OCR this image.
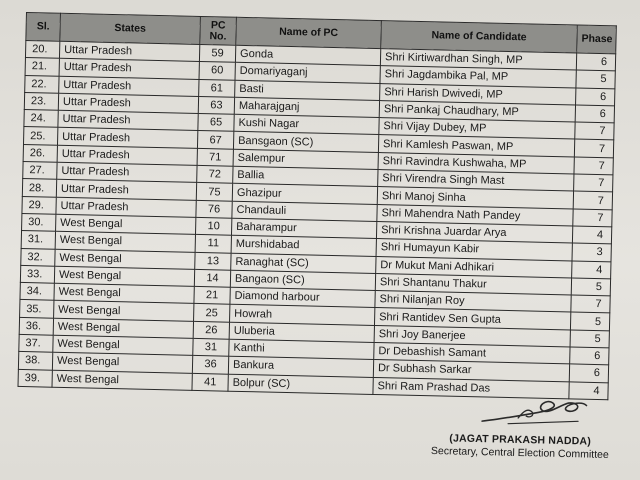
Sl.	States	PC No.	Name of PC	Name of Candidate	Phase
20.	Uttar Pradesh	59	Gonda	Shri Kirtiwardhan Singh, MP	6
21.	Uttar Pradesh	60	Domariyaganj	Shri Jagdambika Pal, MP	5
22.	Uttar Pradesh	61	Basti	Shri Harish Dwivedi, MP	6
23.	Uttar Pradesh	63	Maharajganj	Shri Pankaj Chaudhary, MP	6
24.	Uttar Pradesh	65	Kushi Nagar	Shri Vijay Dubey, MP	7
25.	Uttar Pradesh	67	Bansgaon (SC)	Shri Kamlesh Paswan, MP	7
26.	Uttar Pradesh	71	Salempur	Shri Ravindra Kushwaha, MP	7
27.	Uttar Pradesh	72	Ballia	Shri Virendra Singh Mast	7
28.	Uttar Pradesh	75	Ghazipur	Shri Manoj Sinha	7
29.	Uttar Pradesh	76	Chandauli	Shri Mahendra Nath Pandey	7
30.	West Bengal	10	Baharampur	Shri Krishna Juardar Arya	4
31.	West Bengal	11	Murshidabad	Shri Humayun Kabir	3
32.	West Bengal	13	Ranaghat (SC)	Dr Mukut Mani Adhikari	4
33.	West Bengal	14	Bangaon (SC)	Shri Shantanu Thakur	5
34.	West Bengal	21	Diamond harbour	Shri Nilanjan Roy	7
35.	West Bengal	25	Howrah	Shri Rantidev Sen Gupta	5
36.	West Bengal	26	Uluberia	Shri Joy Banerjee	5
37.	West Bengal	31	Kanthi	Dr Debashish Samant	6
38.	West Bengal	36	Bankura	Dr Subhash Sarkar	6
39.	West Bengal	41	Bolpur (SC)	Shri Ram Prashad Das	4
(JAGAT PRAKASH NADDA)
Secretary, Central Election Committee
